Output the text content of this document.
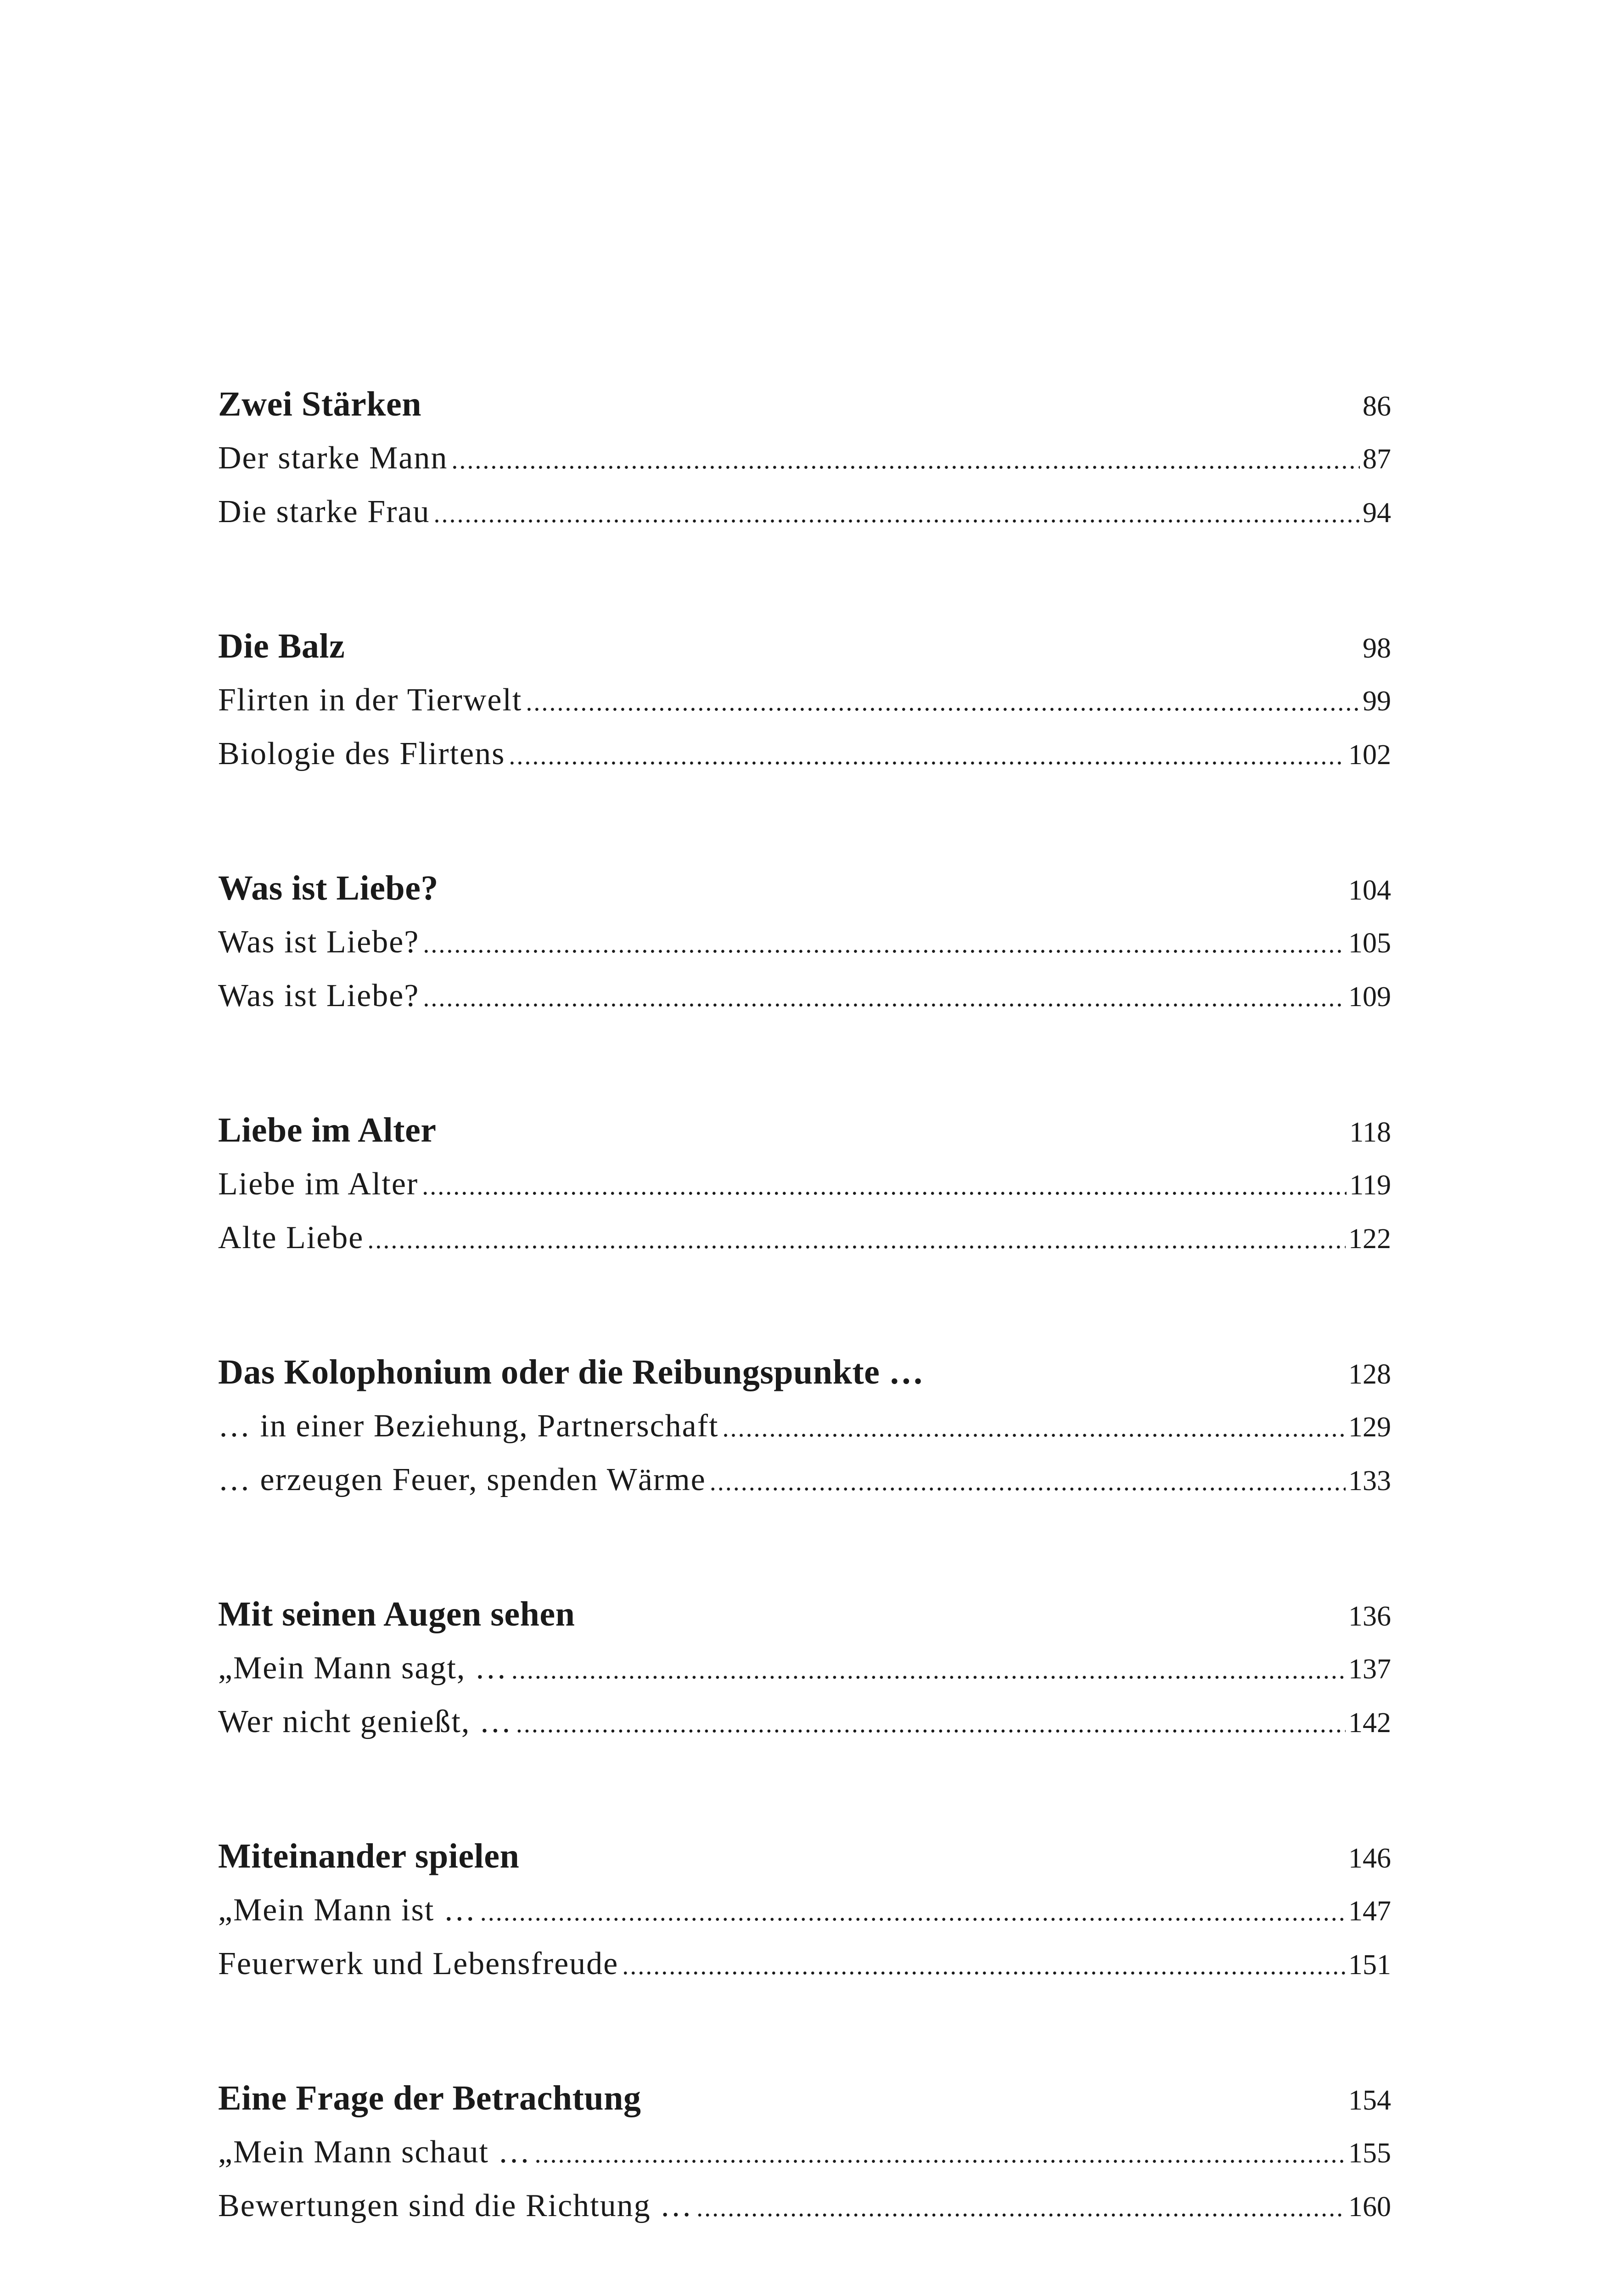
Zwei Stärken	86
Der starke Mann .....	87
Die starke Frau .....	94
Die Balz	98
Flirten in der Tierwelt .....	99
Biologie des Flirtens .....	102
Was ist Liebe?	104
Was ist Liebe? .....	105
Was ist Liebe? .....	109
Liebe im Alter	118
Liebe im Alter .....	119
Alte Liebe .....	122
Das Kolophonium oder die Reibungspunkte …	128
… in einer Beziehung, Partnerschaft .....	129
… erzeugen Feuer, spenden Wärme .....	133
Mit seinen Augen sehen	136
„Mein Mann sagt, … .....	137
Wer nicht genießt, … .....	142
Miteinander spielen	146
„Mein Mann ist … .....	147
Feuerwerk und Lebensfreude .....	151
Eine Frage der Betrachtung	154
„Mein Mann schaut … .....	155
Bewertungen sind die Richtung … .....	160
